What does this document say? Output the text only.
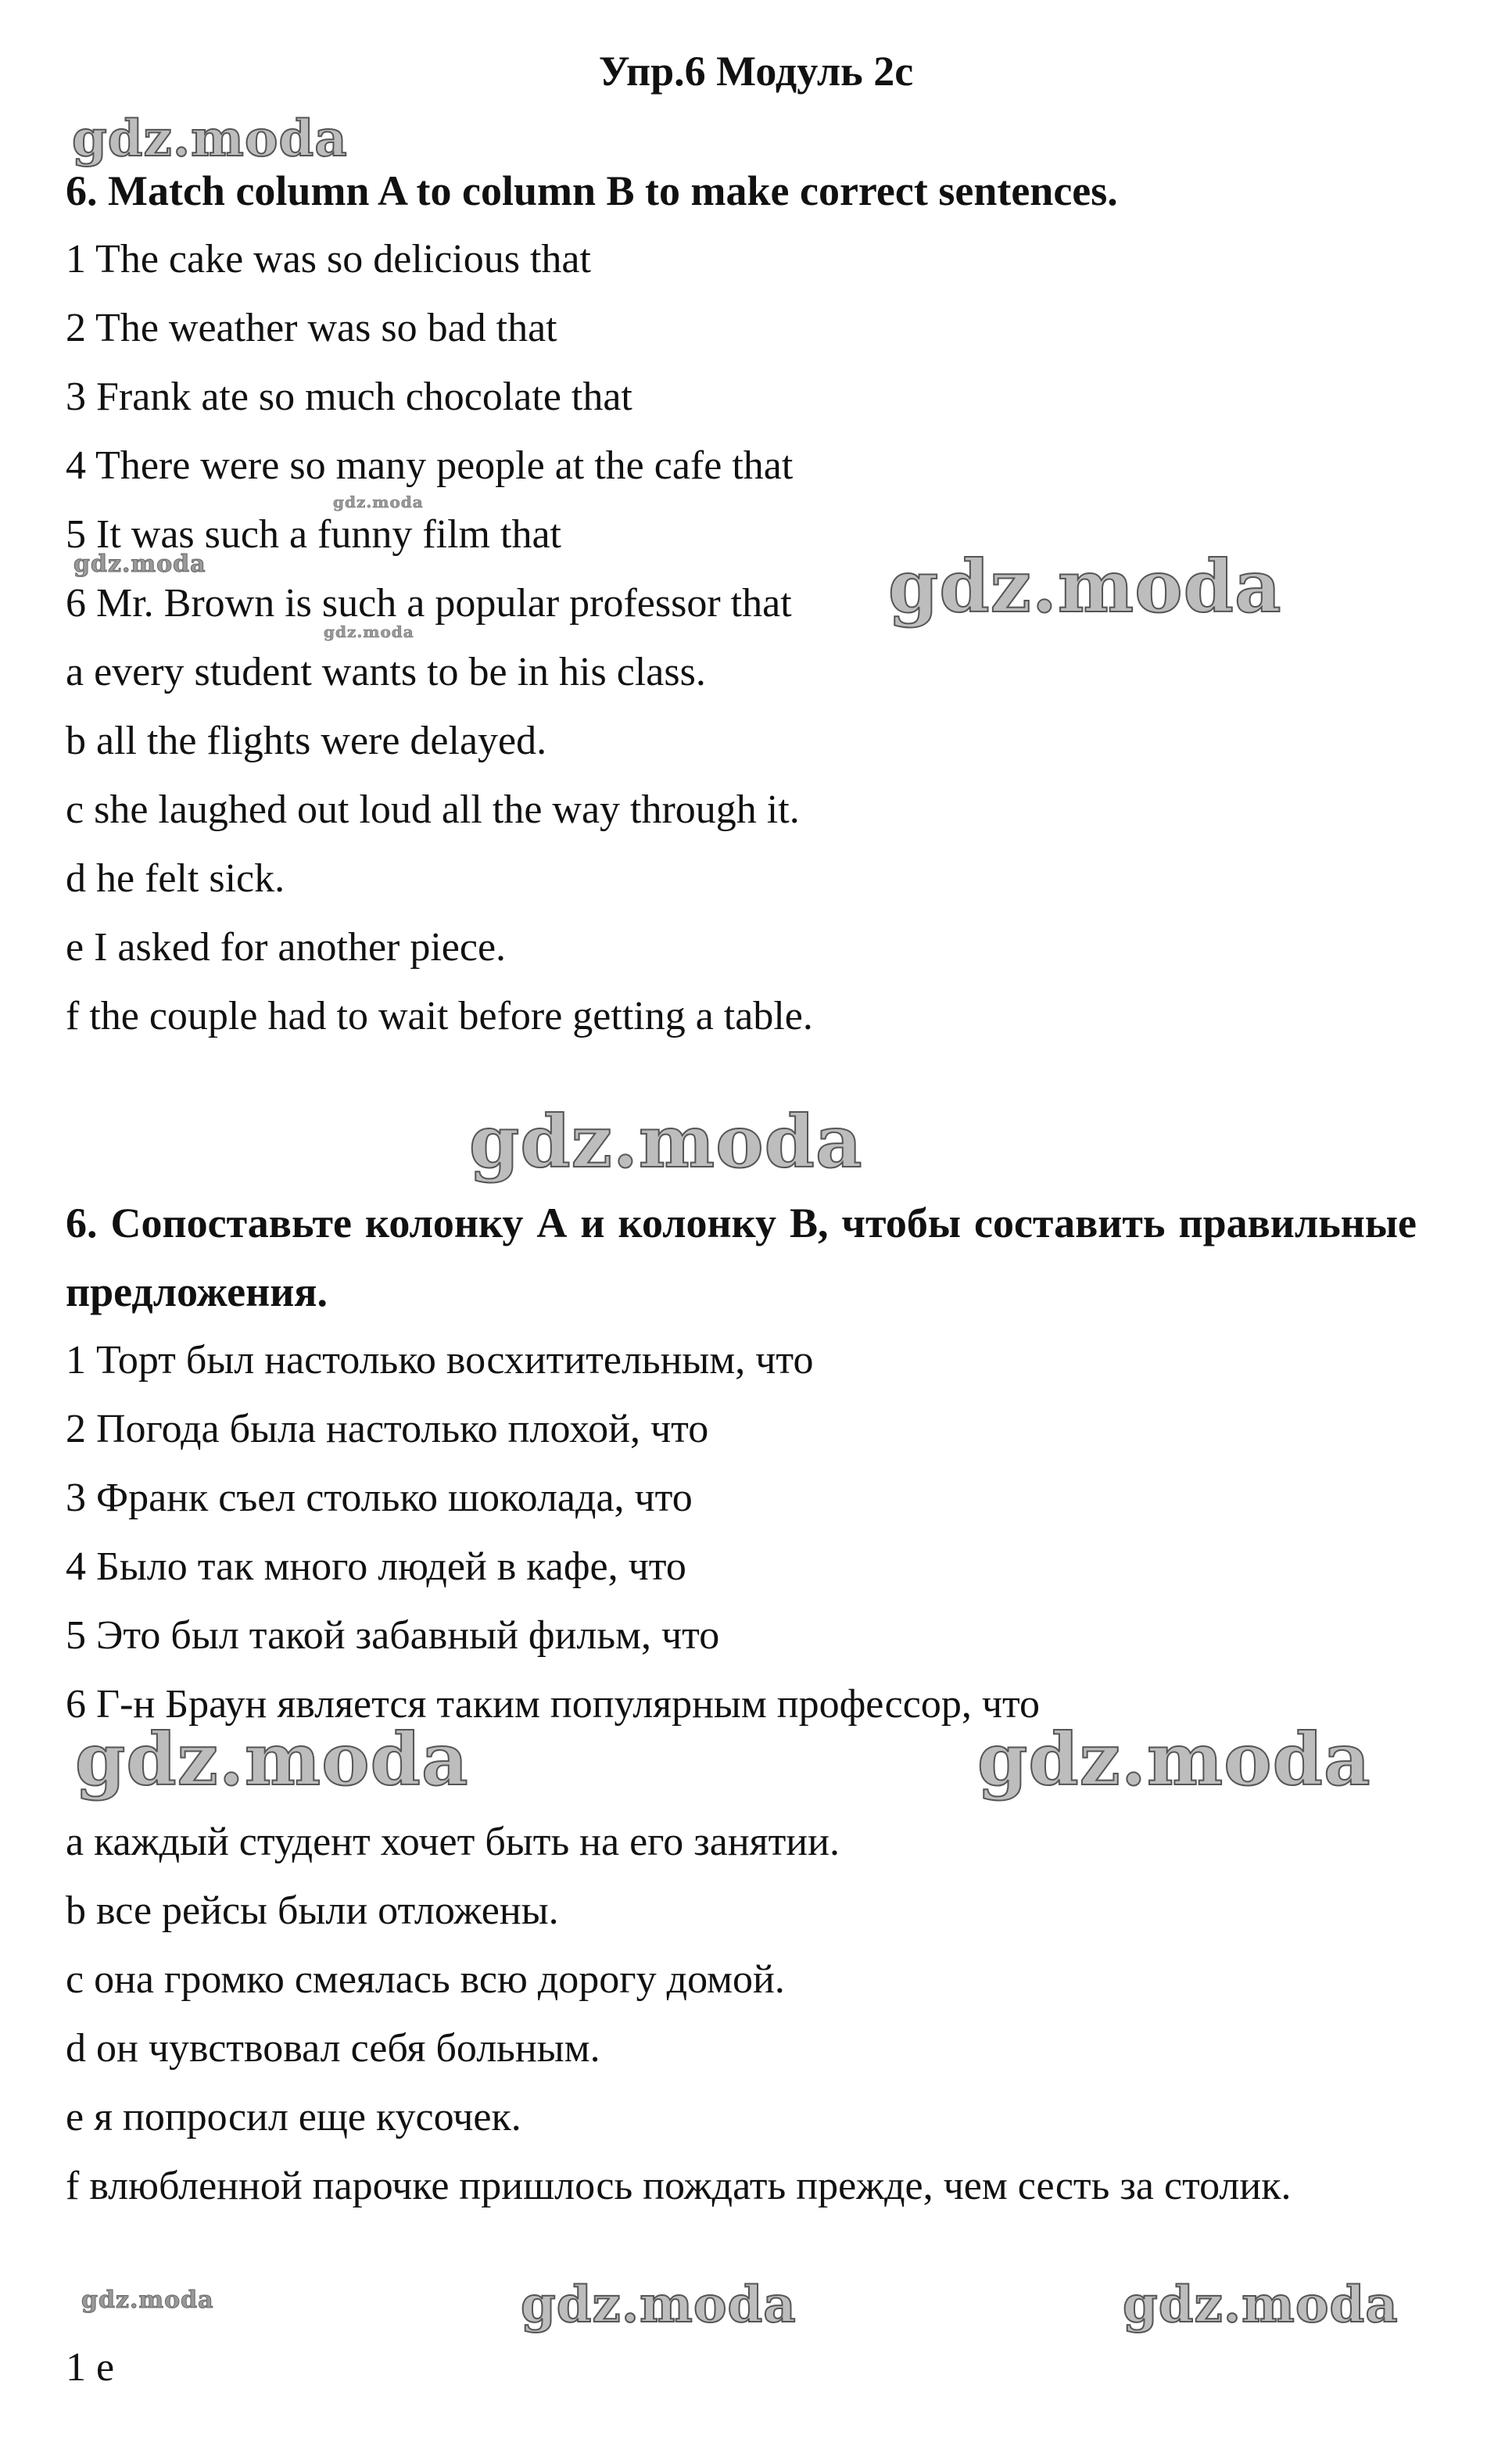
Упр.6 Модуль 2с
6. Match column A to column B to make correct sentences.
1 The cake was so delicious that
2 The weather was so bad that
3 Frank ate so much chocolate that
4 There were so many people at the cafe that
5 It was such a funny film that
6 Mr. Brown is such a popular professor that
a every student wants to be in his class.
b all the flights were delayed.
c she laughed out loud all the way through it.
d he felt sick.
e I asked for another piece.
f the couple had to wait before getting a table.
6. Сопоставьте колонку А и колонку В, чтобы составить правильные предложения.
1 Торт был настолько восхитительным, что
2 Погода была настолько плохой, что
3 Франк съел столько шоколада, что
4 Было так много людей в кафе, что
5 Это был такой забавный фильм, что
6 Г-н Браун является таким популярным профессор, что
а каждый студент хочет быть на его занятии.
b все рейсы были отложены.
с она громко смеялась всю дорогу домой.
d он чувствовал себя больным.
е я попросил еще кусочек.
f влюбленной парочке пришлось пождать прежде, чем сесть за столик.
1 е
gdz.moda
gdz.moda
gdz.moda	gdz.moda
gdz.moda
gdz.moda
gdz.moda	gdz.moda
gdz.moda	gdz.moda	gdz.moda
